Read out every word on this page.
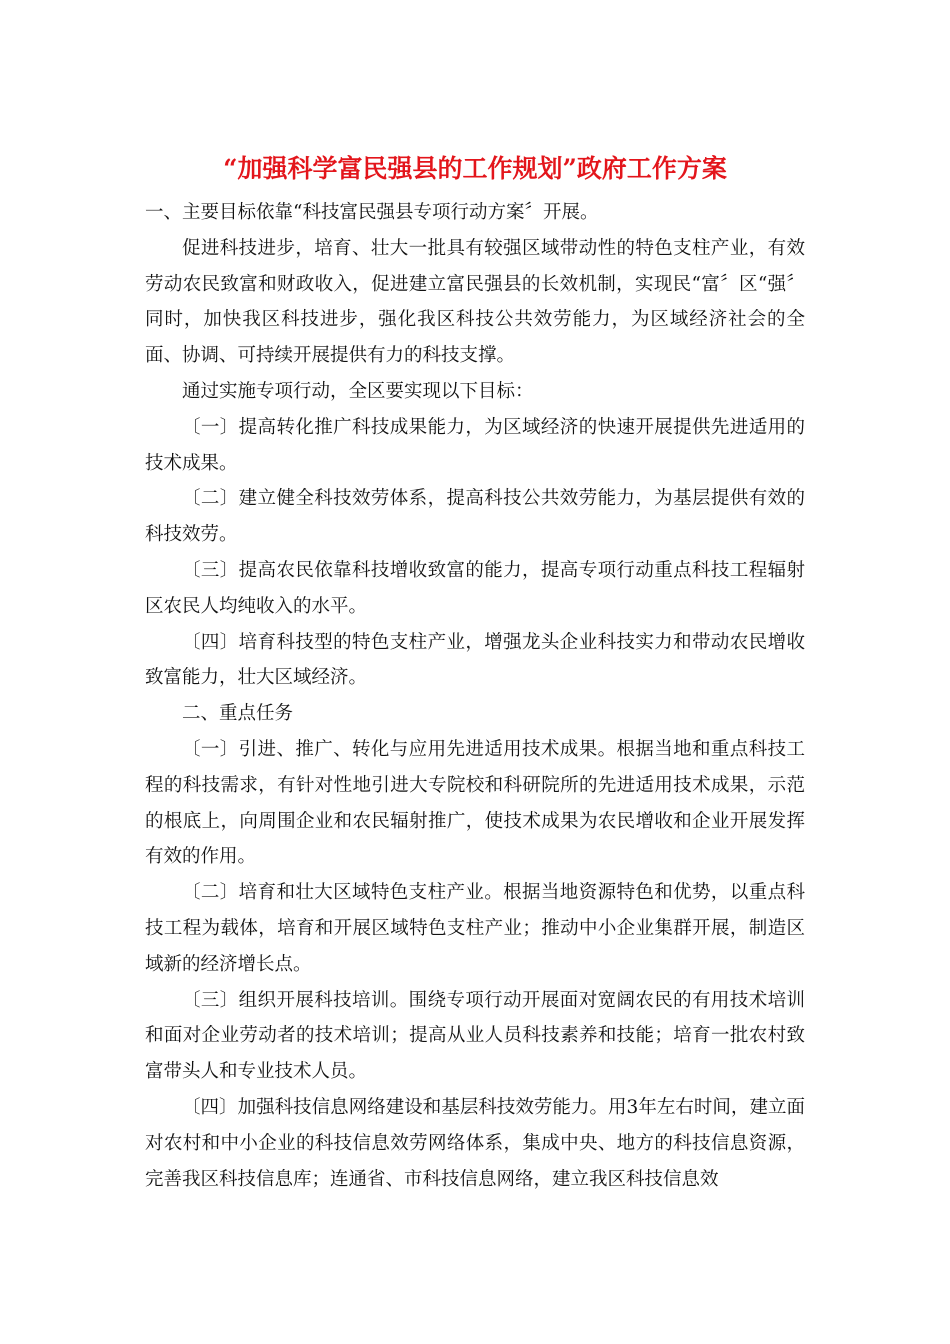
“加强科学富民强县的工作规划”政府工作方案

一、主要目标依靠“科技富民强县专项行动方案〞开展。

促进科技进步，培育、壮大一批具有较强区域带动性的特色支柱产业，有效劳动农民致富和财政收入，促进建立富民强县的长效机制，实现民“富〞区“强〞同时，加快我区科技进步，强化我区科技公共效劳能力，为区域经济社会的全面、协调、可持续开展提供有力的科技支撑。

通过实施专项行动，全区要实现以下目标：

〔一〕提高转化推广科技成果能力，为区域经济的快速开展提供先进适用的技术成果。

〔二〕建立健全科技效劳体系，提高科技公共效劳能力，为基层提供有效的科技效劳。

〔三〕提高农民依靠科技增收致富的能力，提高专项行动重点科技工程辐射区农民人均纯收入的水平。

〔四〕培育科技型的特色支柱产业，增强龙头企业科技实力和带动农民增收致富能力，壮大区域经济。

二、重点任务

〔一〕引进、推广、转化与应用先进适用技术成果。根据当地和重点科技工程的科技需求，有针对性地引进大专院校和科研院所的先进适用技术成果，示范的根底上，向周围企业和农民辐射推广，使技术成果为农民增收和企业开展发挥有效的作用。

〔二〕培育和壮大区域特色支柱产业。根据当地资源特色和优势，以重点科技工程为载体，培育和开展区域特色支柱产业；推动中小企业集群开展，制造区域新的经济增长点。

〔三〕组织开展科技培训。围绕专项行动开展面对宽阔农民的有用技术培训和面对企业劳动者的技术培训；提高从业人员科技素养和技能；培育一批农村致富带头人和专业技术人员。

〔四〕加强科技信息网络建设和基层科技效劳能力。用3年左右时间，建立面对农村和中小企业的科技信息效劳网络体系，集成中央、地方的科技信息资源，完善我区科技信息库；连通省、市科技信息网络，建立我区科技信息效
